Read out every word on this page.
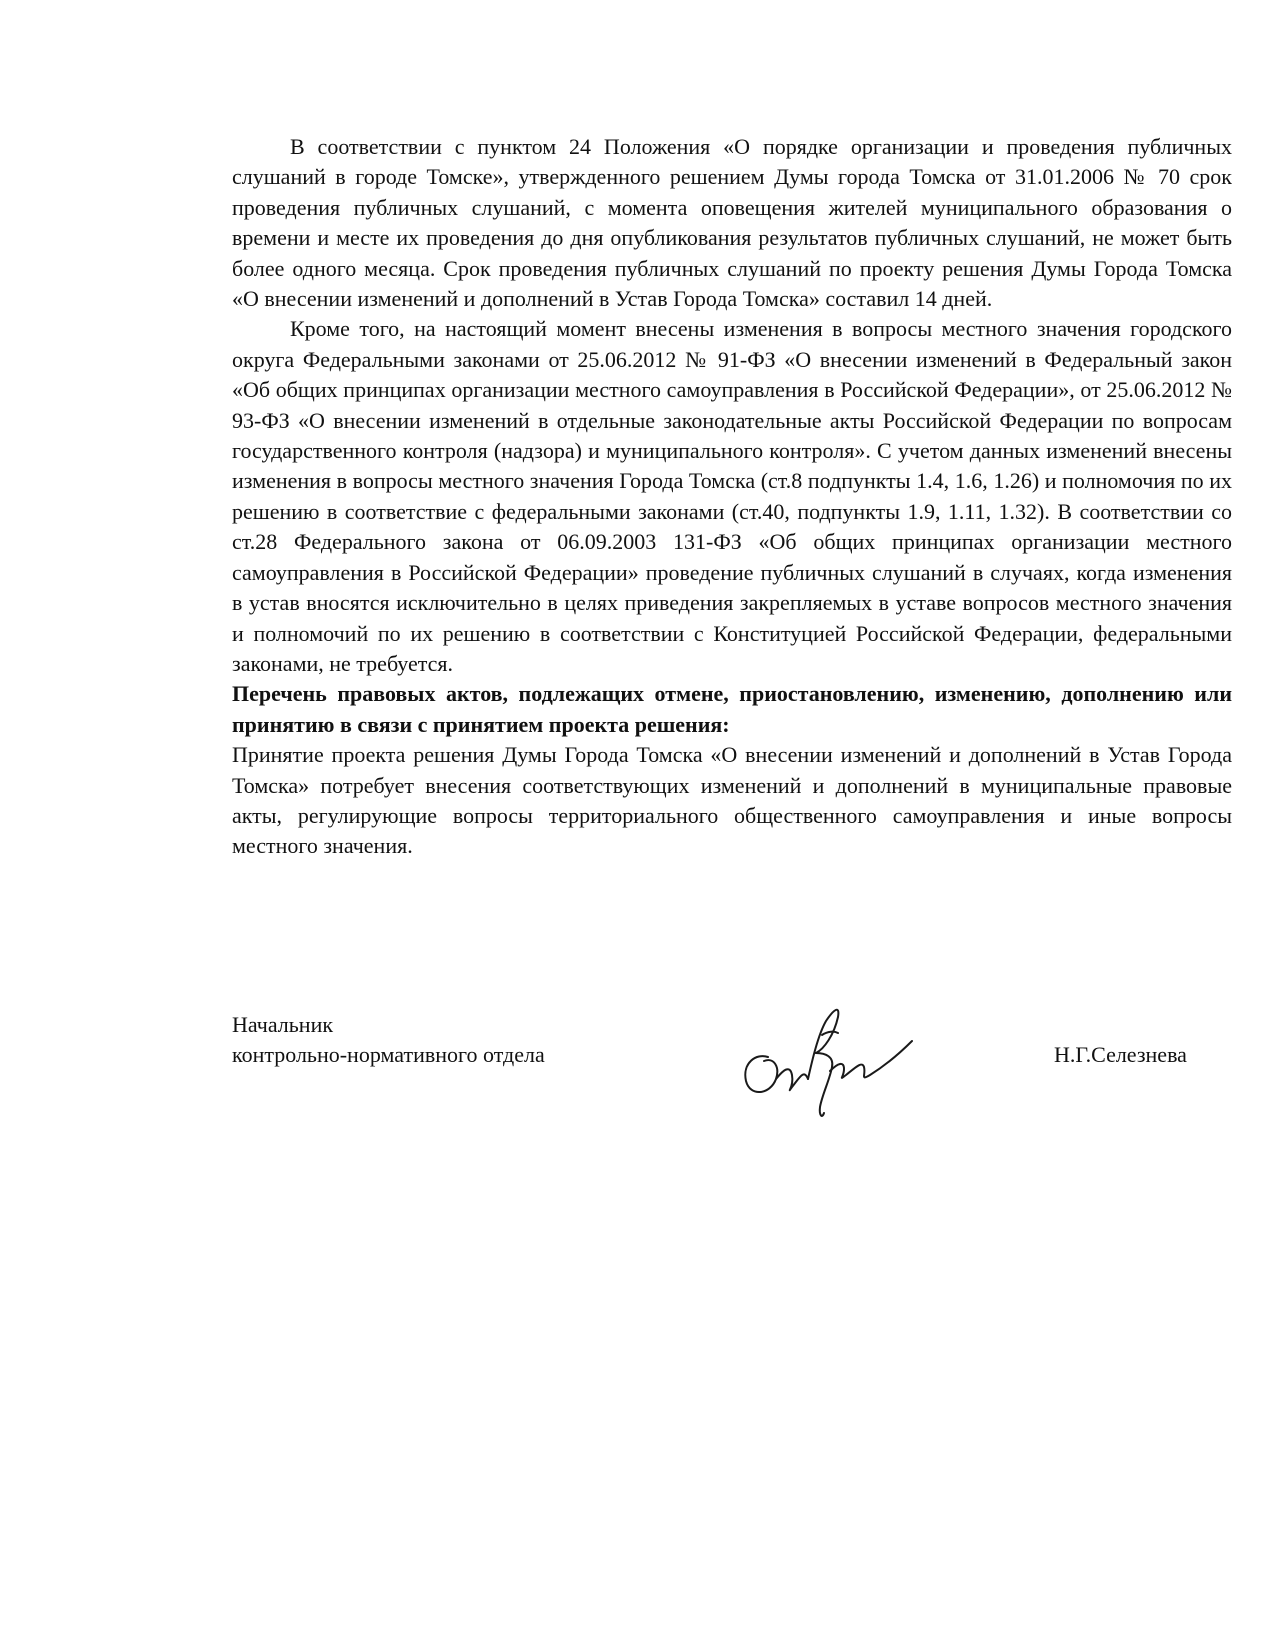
В соответствии с пунктом 24 Положения «О порядке организации и проведения публичных слушаний в городе Томске», утвержденного решением Думы города Томска от 31.01.2006 № 70 срок проведения публичных слушаний, с момента оповещения жителей муниципального образования о времени и месте их проведения до дня опубликования результатов публичных слушаний, не может быть более одного месяца. Срок проведения публичных слушаний по проекту решения Думы Города Томска «О внесении изменений и дополнений в Устав Города Томска» составил 14 дней.

Кроме того, на настоящий момент внесены изменения в вопросы местного значения городского округа Федеральными законами от 25.06.2012 № 91-ФЗ «О внесении изменений в Федеральный закон «Об общих принципах организации местного самоуправления в Российской Федерации», от 25.06.2012 № 93-ФЗ «О внесении изменений в отдельные законодательные акты Российской Федерации по вопросам государственного контроля (надзора) и муниципального контроля». С учетом данных изменений внесены изменения в вопросы местного значения Города Томска (ст.8 подпункты 1.4, 1.6, 1.26) и полномочия по их решению в соответствие с федеральными законами (ст.40, подпункты 1.9, 1.11, 1.32). В соответствии со ст.28 Федерального закона от 06.09.2003 131-ФЗ «Об общих принципах организации местного самоуправления в Российской Федерации» проведение публичных слушаний в случаях, когда изменения в устав вносятся исключительно в целях приведения закрепляемых в уставе вопросов местного значения и полномочий по их решению в соответствии с Конституцией Российской Федерации, федеральными законами, не требуется.

Перечень правовых актов, подлежащих отмене, приостановлению, изменению, дополнению или принятию в связи с принятием проекта решения:

Принятие проекта решения Думы Города Томска «О внесении изменений и дополнений в Устав Города Томска» потребует внесения соответствующих изменений и дополнений в муниципальные правовые акты, регулирующие вопросы территориального общественного самоуправления и иные вопросы местного значения.

Начальник
контрольно-нормативного отдела	Н.Г.Селезнева
